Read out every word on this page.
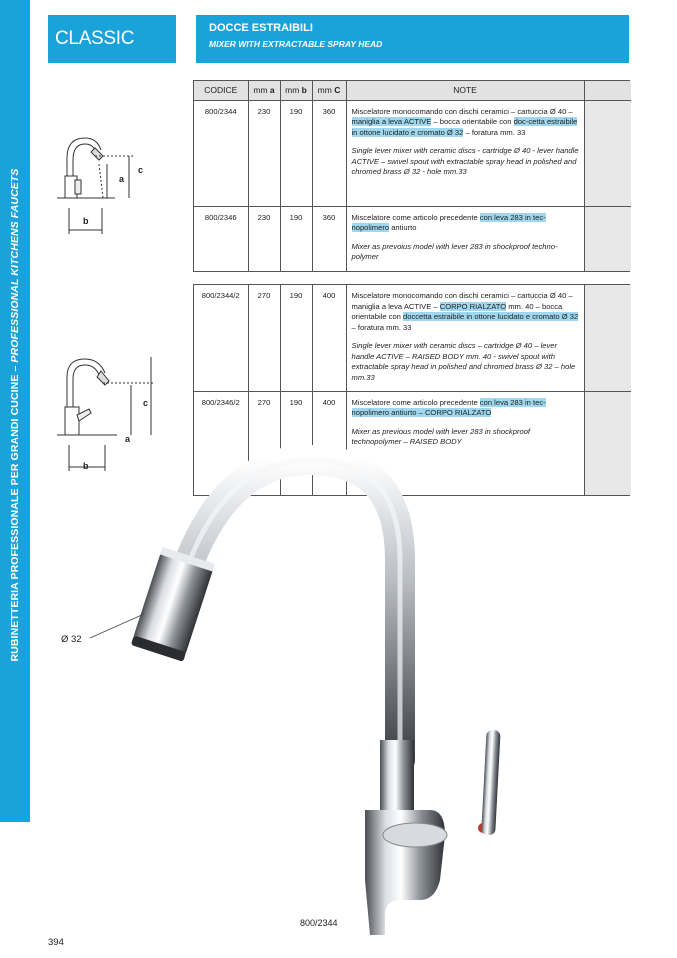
RUBINETTERIA PROFESSIONALE PER GRANDI CUCINE – PROFESSIONAL KITCHENS FAUCETS
CLASSIC	DOCCE ESTRAIBILI
MIXER WITH EXTRACTABLE SPRAY HEAD
CODICE	mm a	mm b	mm C	NOTE	
800/2344	230	190	360	Miscelatore monocomando con dischi ceramici – cartuccia Ø 40 – maniglia a leva ACTIVE – bocca orientabile con doc-cetta estraibile in ottone lucidato e cromato Ø 32 – foratura mm. 33
Single lever mixer with ceramic discs - cartridge Ø 40 - lever handle ACTIVE – swivel spout with extractable spray head in polished and chromed brass Ø 32 - hole mm.33	

800/2346	230	190	360	Miscelatore come articolo precedente con leva 283 in tec-nopolimero antiurto
Mixer as prevoius model with lever 283 in shockproof techno-polymer	

800/2344/2	270	190	400	Miscelatore monocomando con dischi ceramici – cartuccia Ø 40 – maniglia a leva ACTIVE – CORPO RIALZATO mm. 40 – bocca orientabile con doccetta estraibile in ottone lucidato e cromato Ø 32 – foratura mm. 33
Single lever mixer with ceramic discs – cartridge Ø 40 – lever handle ACTIVE – RAISED BODY mm. 40 - swivel spout with extractable spray head in polished and chromed brass Ø 32 – hole mm.33	

800/2346/2	270	190	400	Miscelatore come articolo precedente con leva 283 in tec-nopolimero antiurto – CORPO RIALZATO
Mixer as previous model with lever 283 in shockproof technopolymer – RAISED BODY	

c
a
b
c
a
b
Ø 32
800/2344
394
